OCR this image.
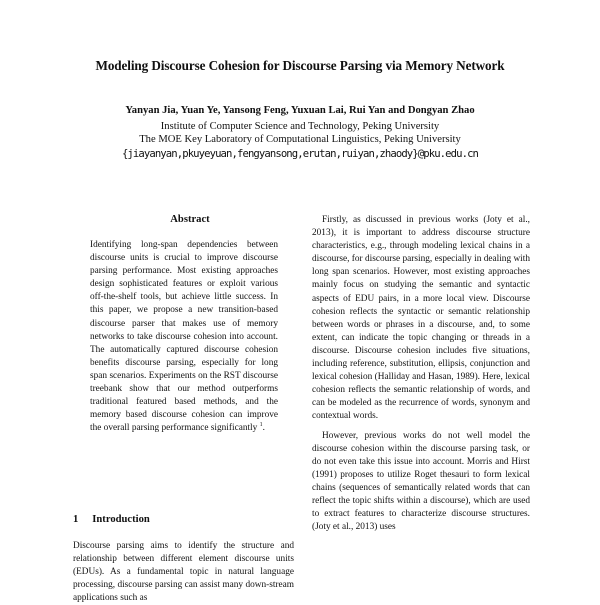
Modeling Discourse Cohesion for Discourse Parsing via Memory Network
Yanyan Jia, Yuan Ye, Yansong Feng, Yuxuan Lai, Rui Yan and Dongyan Zhao
Institute of Computer Science and Technology, Peking University
The MOE Key Laboratory of Computational Linguistics, Peking University
{jiayanyan,pkuyeyuan,fengyansong,erutan,ruiyan,zhaody}@pku.edu.cn
Abstract
Identifying long-span dependencies between discourse units is crucial to improve discourse parsing performance. Most existing approaches design sophisticated features or exploit various off-the-shelf tools, but achieve little success. In this paper, we propose a new transition-based discourse parser that makes use of memory networks to take discourse cohesion into account. The automatically captured discourse cohesion benefits discourse parsing, especially for long span scenarios. Experiments on the RST discourse treebank show that our method outperforms traditional featured based methods, and the memory based discourse cohesion can improve the overall parsing performance significantly $^1$.
1 Introduction
Discourse parsing aims to identify the structure and relationship between different element discourse units (EDUs). As a fundamental topic in natural language processing, discourse parsing can assist many down-stream applications such as

Firstly, as discussed in previous works (Joty et al., 2013), it is important to address discourse structure characteristics, e.g., through modeling lexical chains in a discourse, for discourse parsing, especially in dealing with long span scenarios. However, most existing approaches mainly focus on studying the semantic and syntactic aspects of EDU pairs, in a more local view. Discourse cohesion reflects the syntactic or semantic relationship between words or phrases in a discourse, and, to some extent, can indicate the topic changing or threads in a discourse. Discourse cohesion includes five situations, including reference, substitution, ellipsis, conjunction and lexical cohesion (Halliday and Hasan, 1989). Here, lexical cohesion reflects the semantic relationship of words, and can be modeled as the recurrence of words, synonym and contextual words.

However, previous works do not well model the discourse cohesion within the discourse parsing task, or do not even take this issue into account. Morris and Hirst (1991) proposes to utilize Roget thesauri to form lexical chains (sequences of semantically related words that can reflect the topic shifts within a discourse), which are used to extract features to characterize discourse structures. (Joty et al., 2013) uses
